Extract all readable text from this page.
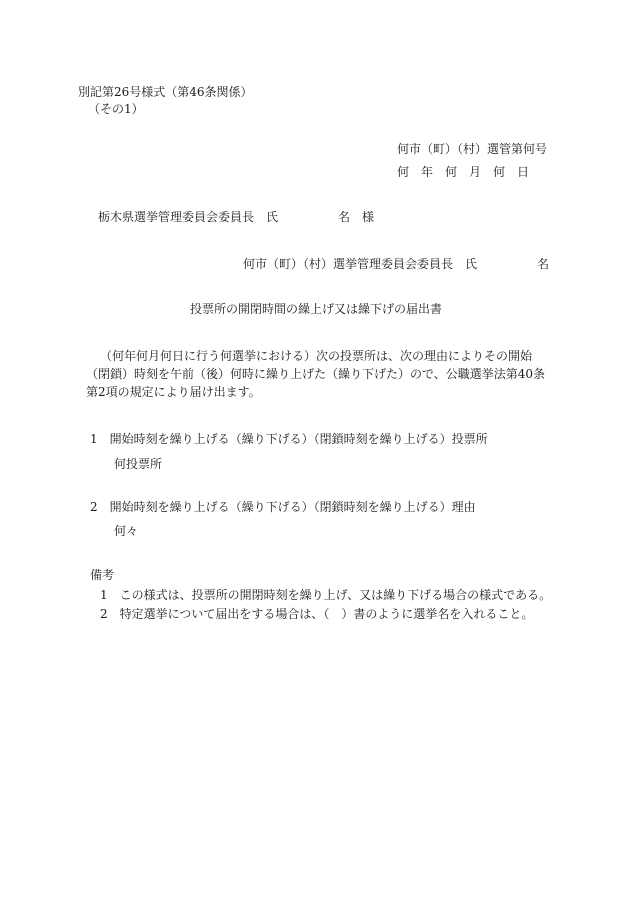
別記第26号様式（第46条関係）
（その1）
何市（町）（村）選管第何号
何　年　何　月　何　日
栃木県選挙管理委員会委員長　氏　　　　　名　様
何市（町）（村）選挙管理委員会委員長　氏　　　　　名
投票所の開閉時間の繰上げ又は繰下げの届出書
（何年何月何日に行う何選挙における）次の投票所は、次の理由によりその開始（閉鎖）時刻を午前（後）何時に繰り上げた（繰り下げた）ので、公職選挙法第40条第2項の規定により届け出ます。
1　開始時刻を繰り上げる（繰り下げる）（閉鎖時刻を繰り上げる）投票所
何投票所
2　開始時刻を繰り上げる（繰り下げる）（閉鎖時刻を繰り上げる）理由
何々
備考
1　この様式は、投票所の開閉時刻を繰り上げ、又は繰り下げる場合の様式である。
2　特定選挙について届出をする場合は、（　）書のように選挙名を入れること。
